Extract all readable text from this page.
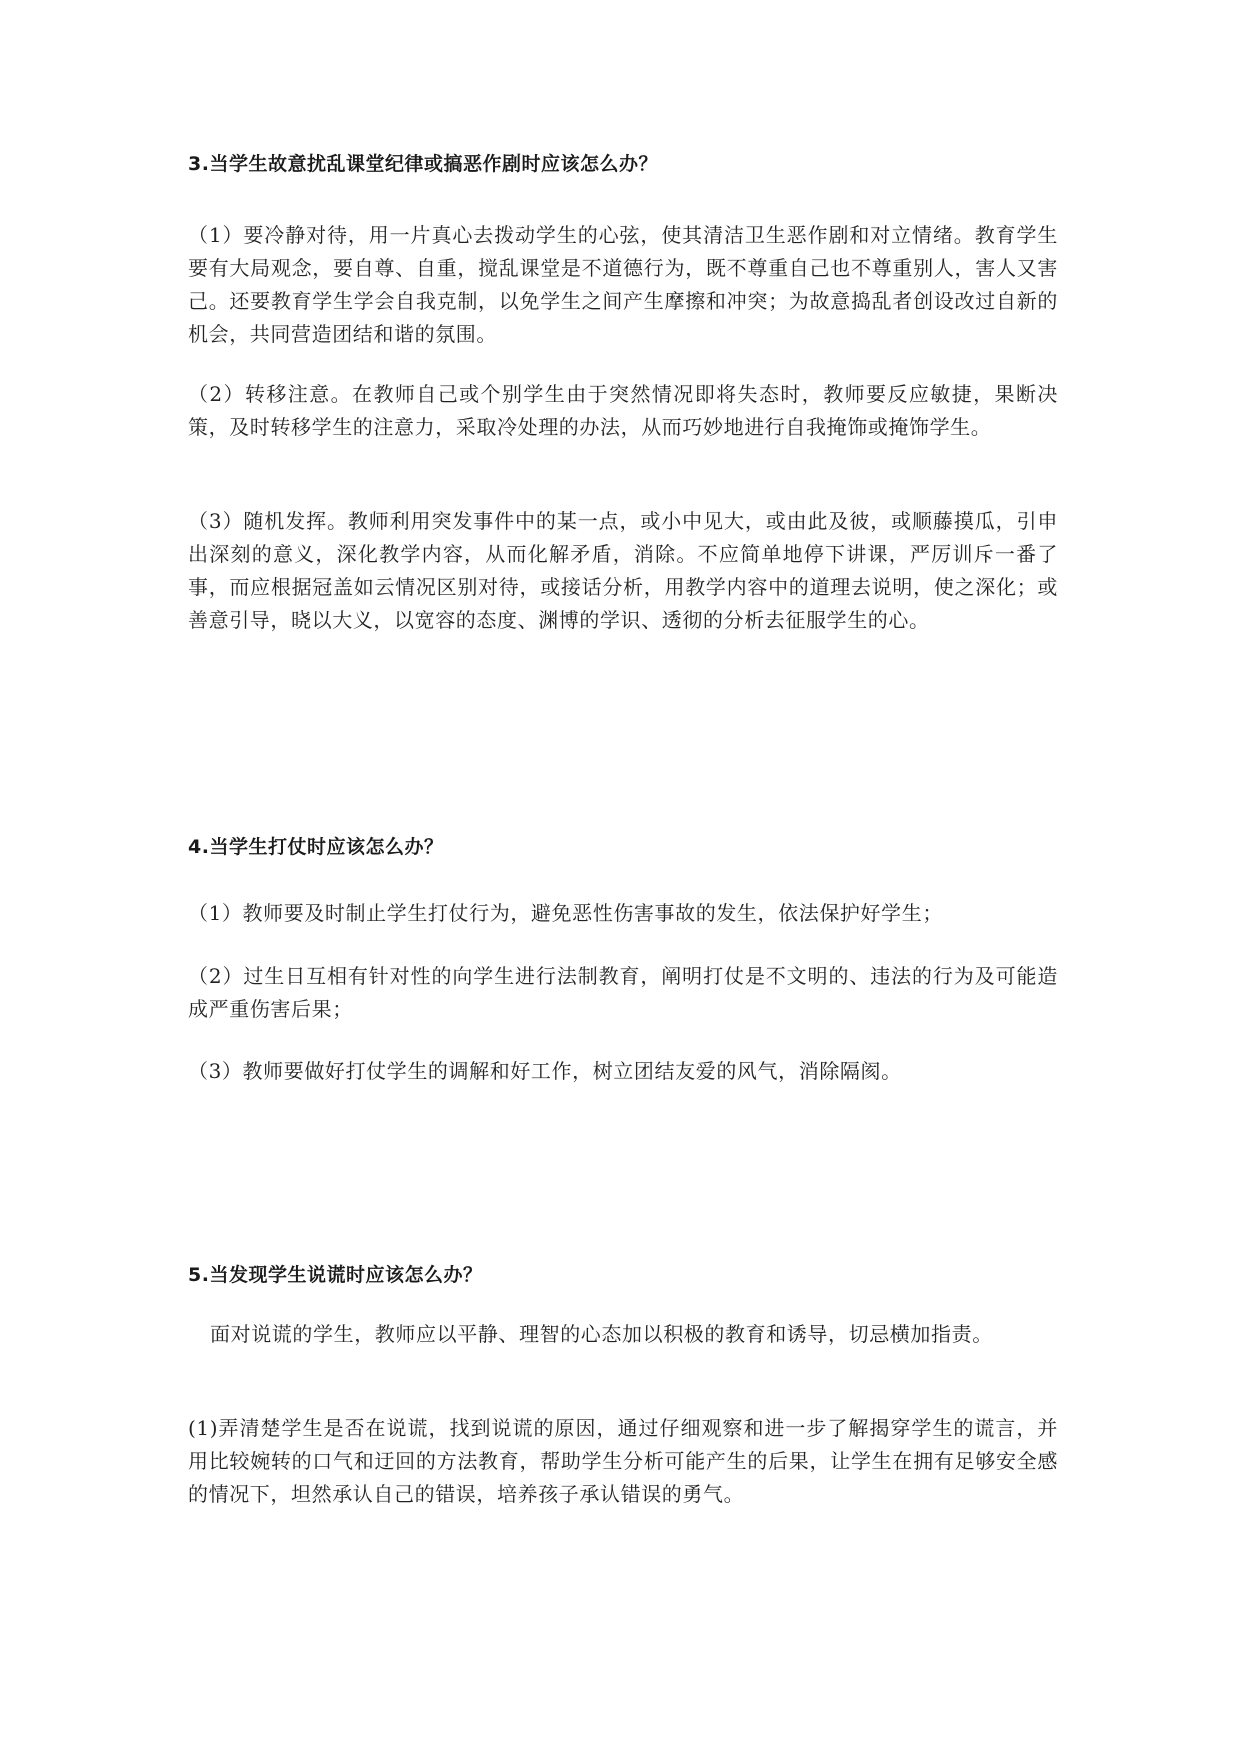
3.当学生故意扰乱课堂纪律或搞恶作剧时应该怎么办？

（1）要冷静对待，用一片真心去拨动学生的心弦，使其清洁卫生恶作剧和对立情绪。教育学生要有大局观念，要自尊、自重，搅乱课堂是不道德行为，既不尊重自己也不尊重别人，害人又害己。还要教育学生学会自我克制，以免学生之间产生摩擦和冲突；为故意捣乱者创设改过自新的机会，共同营造团结和谐的氛围。

（2）转移注意。在教师自己或个别学生由于突然情况即将失态时，教师要反应敏捷，果断决策，及时转移学生的注意力，采取冷处理的办法，从而巧妙地进行自我掩饰或掩饰学生。

（3）随机发挥。教师利用突发事件中的某一点，或小中见大，或由此及彼，或顺藤摸瓜，引申出深刻的意义，深化教学内容，从而化解矛盾，消除。不应简单地停下讲课，严厉训斥一番了事，而应根据冠盖如云情况区别对待，或接话分析，用教学内容中的道理去说明，使之深化；或善意引导，晓以大义，以宽容的态度、渊博的学识、透彻的分析去征服学生的心。

4.当学生打仗时应该怎么办？

（1）教师要及时制止学生打仗行为，避免恶性伤害事故的发生，依法保护好学生；

（2）过生日互相有针对性的向学生进行法制教育，阐明打仗是不文明的、违法的行为及可能造成严重伤害后果；

（3）教师要做好打仗学生的调解和好工作，树立团结友爱的风气，消除隔阂。

5.当发现学生说谎时应该怎么办？

面对说谎的学生，教师应以平静、理智的心态加以积极的教育和诱导，切忌横加指责。

(1)弄清楚学生是否在说谎，找到说谎的原因，通过仔细观察和进一步了解揭穿学生的谎言，并用比较婉转的口气和迂回的方法教育，帮助学生分析可能产生的后果，让学生在拥有足够安全感的情况下，坦然承认自己的错误，培养孩子承认错误的勇气。
